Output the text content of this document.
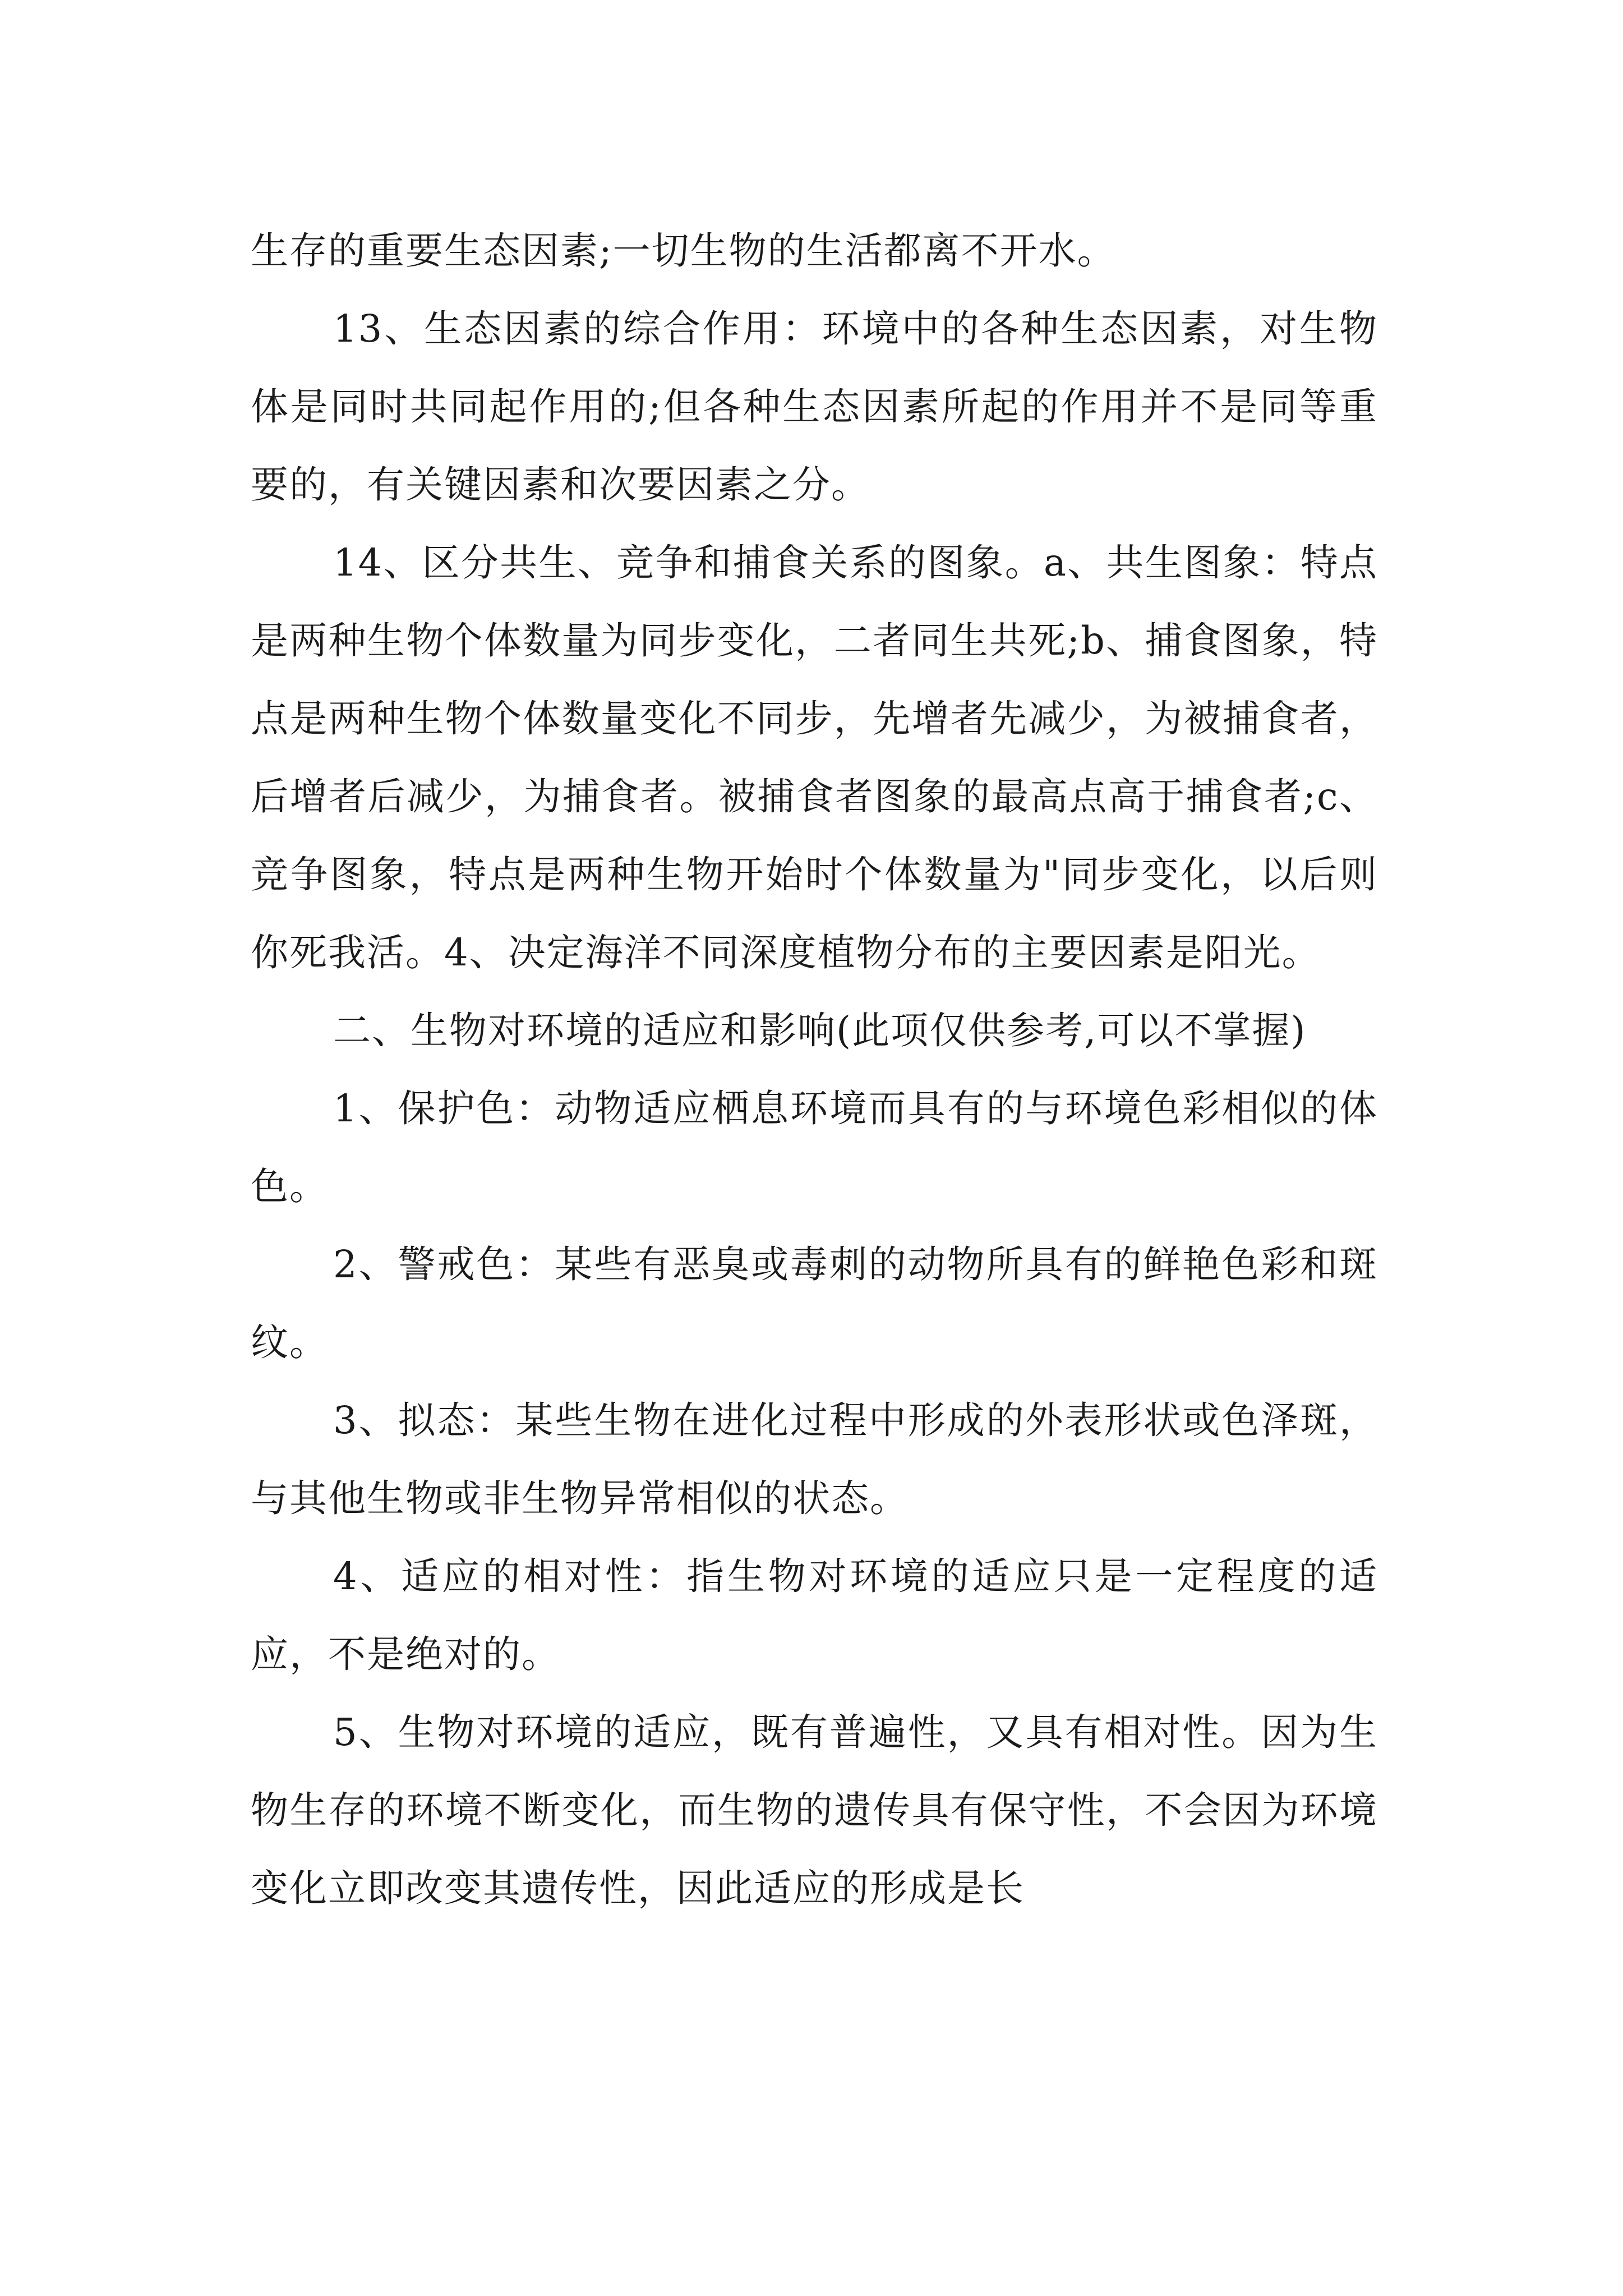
生存的重要生态因素;一切生物的生活都离不开水。

13、生态因素的综合作用：环境中的各种生态因素，对生物体是同时共同起作用的;但各种生态因素所起的作用并不是同等重要的，有关键因素和次要因素之分。

14、区分共生、竞争和捕食关系的图象。a、共生图象：特点是两种生物个体数量为同步变化，二者同生共死;b、捕食图象，特点是两种生物个体数量变化不同步，先增者先减少，为被捕食者，后增者后减少，为捕食者。被捕食者图象的最高点高于捕食者;c、竞争图象，特点是两种生物开始时个体数量为"同步变化，以后则你死我活。4、决定海洋不同深度植物分布的主要因素是阳光。

二、生物对环境的适应和影响(此项仅供参考,可以不掌握)

1、保护色：动物适应栖息环境而具有的与环境色彩相似的体色。

2、警戒色：某些有恶臭或毒刺的动物所具有的鲜艳色彩和斑纹。

3、拟态：某些生物在进化过程中形成的外表形状或色泽斑，与其他生物或非生物异常相似的状态。

4、适应的相对性：指生物对环境的适应只是一定程度的适应，不是绝对的。

5、生物对环境的适应，既有普遍性，又具有相对性。因为生物生存的环境不断变化，而生物的遗传具有保守性，不会因为环境变化立即改变其遗传性，因此适应的形成是长
